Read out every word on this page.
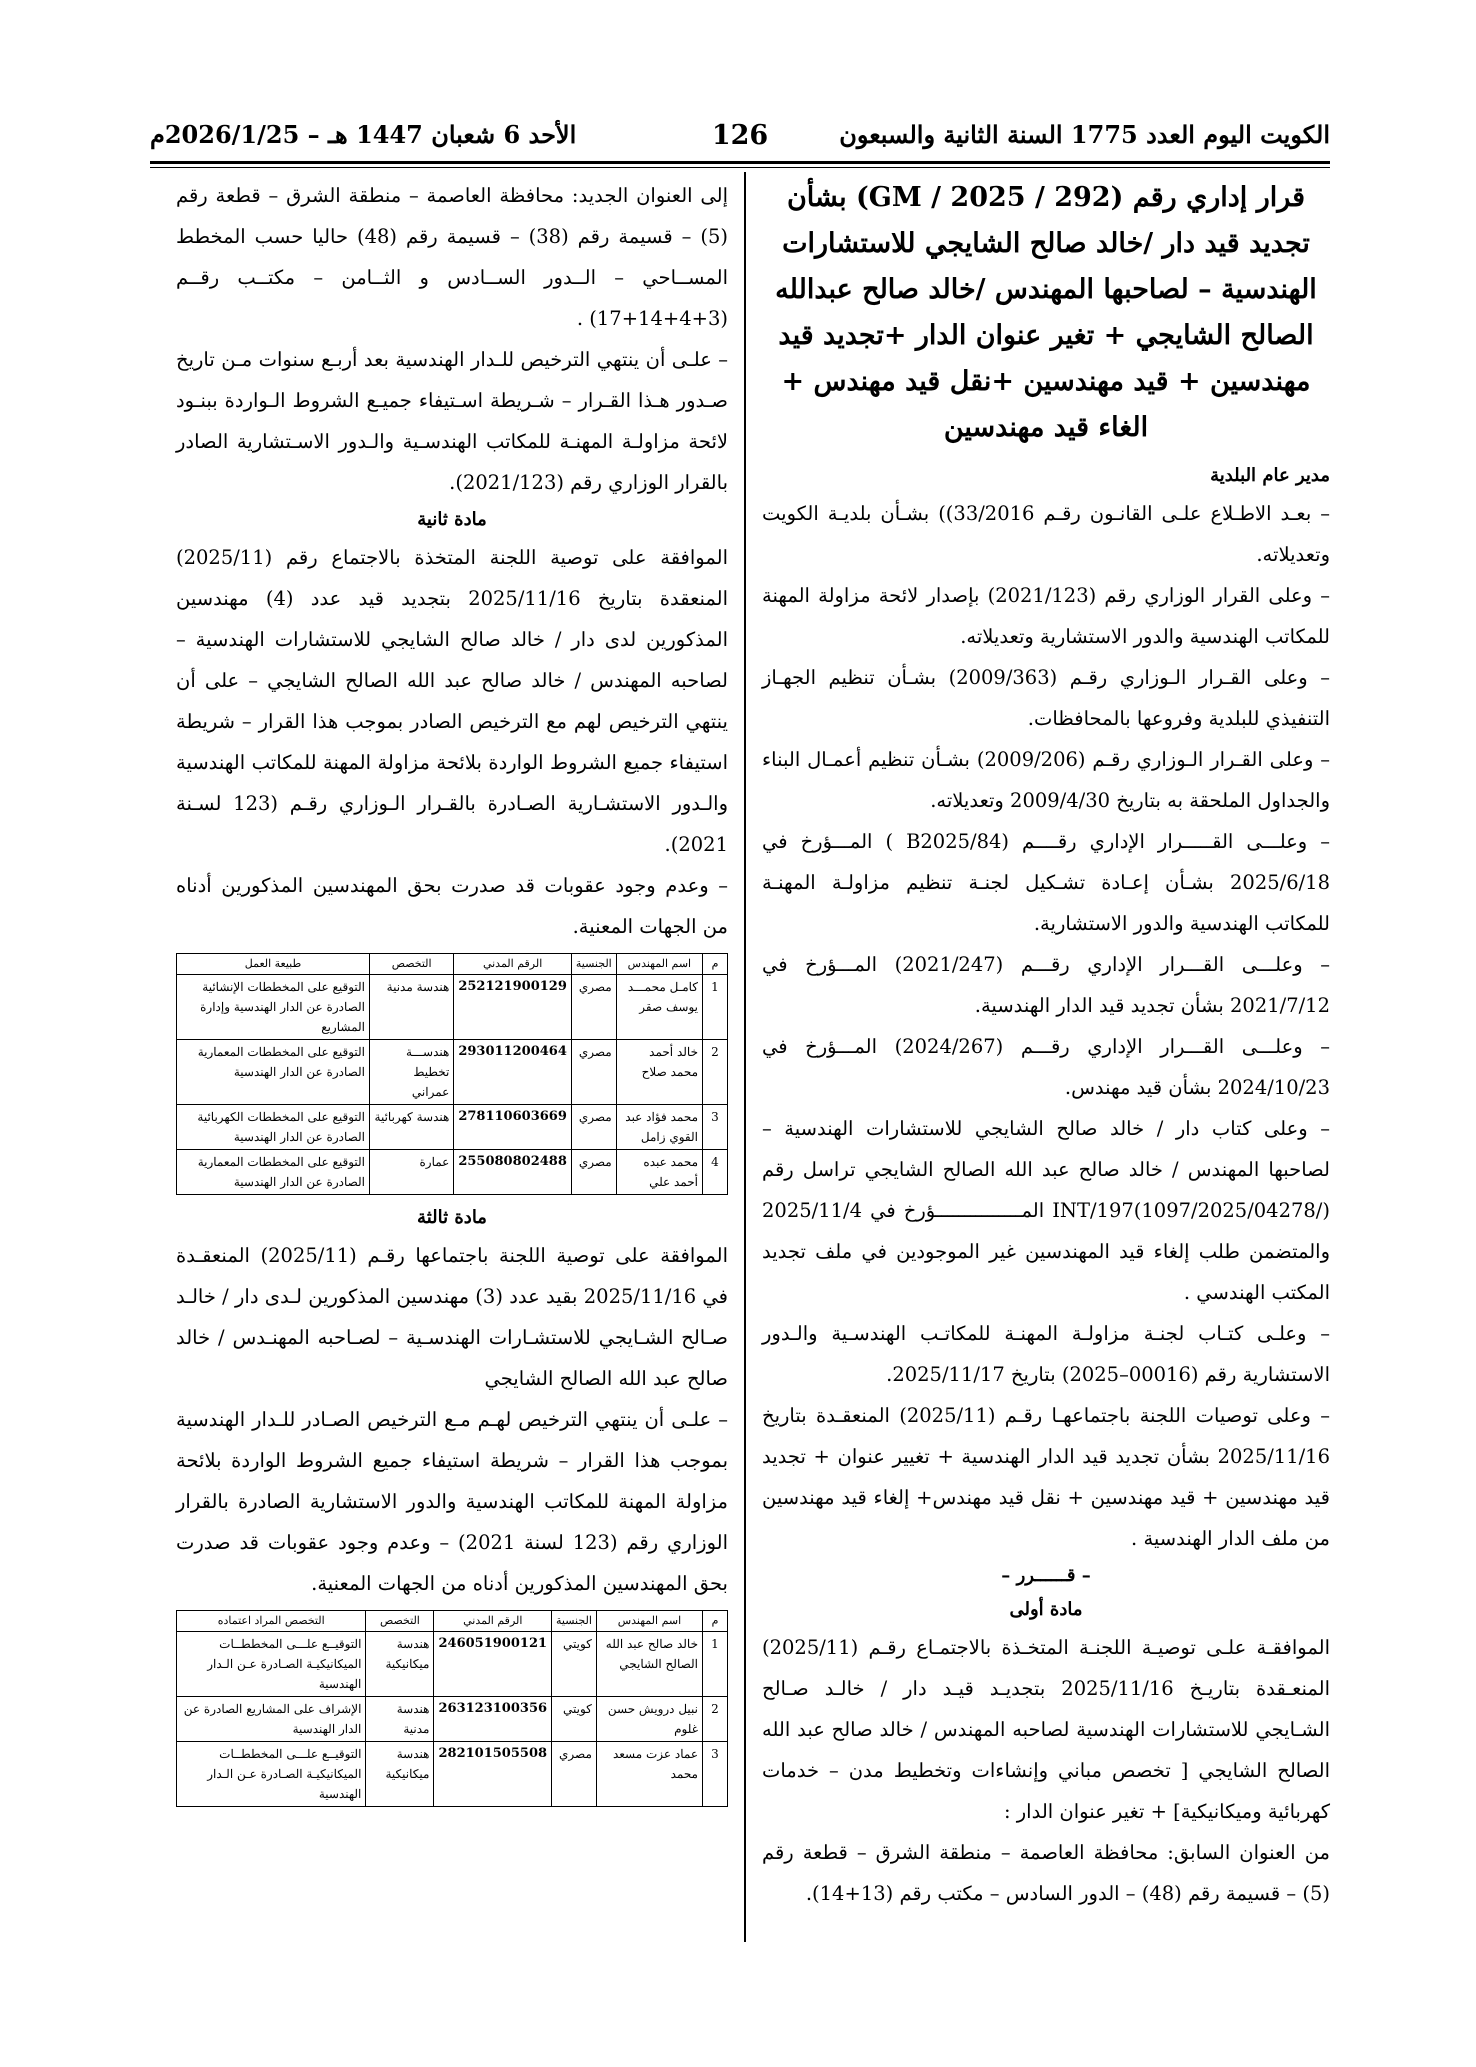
الكويت اليوم العدد 1775 السنة الثانية والسبعون
126
الأحد 6 شعبان 1447 هـ – 2026/1/25م
قرار إداري رقم (292 / 2025 / GM) بشأن تجديد قيد دار /خالد صالح الشايجي للاستشارات الهندسية – لصاحبها المهندس /خالد صالح عبدالله الصالح الشايجي + تغير عنوان الدار +تجديد قيد مهندسين + قيد مهندسين +نقل قيد مهندس + الغاء قيد مهندسين
مدير عام البلدية

– بعـد الاطـلاع علـى القانـون رقـم 33/2016)) بشـأن بلديـة الكويت وتعديلاته.

– وعلى القرار الوزاري رقم (2021/123) بإصدار لائحة مزاولة المهنة للمكاتب الهندسية والدور الاستشارية وتعديلاته.

– وعلى القـرار الـوزاري رقـم (2009/363) بشـأن تنظيم الجهـاز التنفيذي للبلدية وفروعها بالمحافظات.

– وعلى القـرار الـوزاري رقـم (2009/206) بشـأن تنظيم أعمـال البناء والجداول الملحقة به بتاريخ 2009/4/30 وتعديلاته.

– وعلـــى القـــــرار الإداري رقــــم (B2025/84 ) المـــؤرخ في 2025/6/18 بشـأن إعـادة تشـكيل لجنـة تنظيم مزاولـة المهنـة للمكاتب الهندسية والدور الاستشارية.

– وعلـــى القـــرار الإداري رقـــم (2021/247) المـــؤرخ في 2021/7/12 بشأن تجديد قيد الدار الهندسية.

– وعلـــى القـــرار الإداري رقـــم (2024/267) المـــؤرخ في 2024/10/23 بشأن قيد مهندس.

– وعلى كتاب دار / خالد صالح الشايجي للاستشارات الهندسية – لصاحبها المهندس / خالد صالح عبد الله الصالح الشايجي تراسل رقم INT/197(1097/2025/04278/) المـــــــــــــــؤرخ في 2025/11/4 والمتضمن طلب إلغاء قيد المهندسين غير الموجودين في ملف تجديد المكتب الهندسي .

– وعلـى كتـاب لجنـة مزاولـة المهنـة للمكاتـب الهندسـية والـدور الاستشارية رقم (00016–2025) بتاريخ 2025/11/17.

– وعلى توصيات اللجنة باجتماعهـا رقـم (2025/11) المنعقـدة بتاريخ 2025/11/16 بشأن تجديد قيد الدار الهندسية + تغيير عنوان + تجديد قيد مهندسين + قيد مهندسين + نقل قيد مهندس+ إلغاء قيد مهندسين من ملف الدار الهندسية .

– قــــــرر –
مادة أولى

الموافقـة علـى توصيـة اللجنـة المتخـذة بالاجتمـاع رقـم (2025/11) المنعـقدة بتاريـخ 2025/11/16 بتجديـد قيـد دار / خالـد صـالح الشـايجي للاستشارات الهندسية لصاحبه المهندس / خالد صالح عبد الله الصالح الشايجي [ تخصص مباني وإنشاءات وتخطيط مدن – خدمات كهربائية وميكانيكية] + تغير عنوان الدار :

من العنوان السابق: محافظة العاصمة – منطقة الشرق – قطعة رقم (5) – قسيمة رقم (48) – الدور السادس – مكتب رقم (13+14).

إلى العنوان الجديد: محافظة العاصمة – منطقة الشرق – قطعة رقم (5) – قسيمة رقم (38) – قسيمة رقم (48) حاليا حسب المخطط المســاحي – الــدور الســادس و الثــامن – مكتــب رقــم (3+4+14+17) .

– علـى أن ينتهي الترخيص للـدار الهندسية بعد أربـع سنوات مـن تاريخ صـدور هـذا القـرار – شـريطة اسـتيفاء جميـع الشروط الـواردة ببنـود لائحة مزاولـة المهنـة للمكاتب الهندسـية والـدور الاسـتشارية الصادر بالقرار الوزاري رقم (2021/123).

مادة ثانية

الموافقة على توصية اللجنة المتخذة بالاجتماع رقم (2025/11) المنعقدة بتاريخ 2025/11/16 بتجديد قيد عدد (4) مهندسين المذكورين لدى دار / خالد صالح الشايجي للاستشارات الهندسية – لصاحبه المهندس / خالد صالح عبد الله الصالح الشايجي – على أن ينتهي الترخيص لهم مع الترخيص الصادر بموجب هذا القرار – شريطة استيفاء جميع الشروط الواردة بلائحة مزاولة المهنة للمكاتب الهندسية والـدور الاستشـارية الصـادرة بالقـرار الـوزاري رقـم (123 لسـنة 2021).

– وعدم وجود عقوبات قد صدرت بحق المهندسين المذكورين أدناه من الجهات المعنية.

م	اسم المهندس	الجنسية	الرقم المدني	التخصص	طبيعة العمل
1	كامـل محمـــد يوسف صقر	مصري	252121900129	هندسة مدنية	التوقيع على المخططات الإنشائية الصادرة عن الدار الهندسية وإدارة المشاريع
2	خالد أحمد محمد صلاح	مصري	293011200464	هندســـة تخطيط عمراني	التوقيع على المخططات المعمارية الصادرة عن الدار الهندسية
3	محمد فؤاد عبد القوي زامل	مصري	278110603669	هندسة كهربائية	التوقيع على المخططات الكهربائية الصادرة عن الدار الهندسية
4	محمد عبده أحمد علي	مصري	255080802488	عمارة	التوقيع على المخططات المعمارية الصادرة عن الدار الهندسية
مادة ثالثة

الموافقة على توصية اللجنة باجتماعها رقـم (2025/11) المنعقـدة في 2025/11/16 بقيد عدد (3) مهندسين المذكورين لـدى دار / خالـد صـالح الشـايجي للاستشـارات الهندسـية – لصـاحبه المهنـدس / خالد صالح عبد الله الصالح الشايجي

– علـى أن ينتهي الترخيص لهـم مـع الترخيص الصـادر للـدار الهندسية بموجب هذا القرار – شريطة استيفاء جميع الشروط الواردة بلائحة مزاولة المهنة للمكاتب الهندسية والدور الاستشارية الصادرة بالقرار الوزاري رقم (123 لسنة 2021) – وعدم وجود عقوبات قد صدرت بحق المهندسين المذكورين أدناه من الجهات المعنية.

م	اسم المهندس	الجنسية	الرقم المدني	التخصص	التخصص المراد اعتماده
1	خالد صالح عبد الله الصالح الشايجي	كويتي	246051900121	هندسة ميكانيكية	التوقيــع علـــى المخططــات الميكانيكيـة الصـادرة عـن الـدار الهندسية
2	نبيل درويش حسن غلوم	كويتي	263123100356	هندسة مدنية	الإشراف على المشاريع الصادرة عن الدار الهندسية
3	عماد عزت مسعد محمد	مصري	282101505508	هندسة ميكانيكية	التوقيــع علـــى المخططــات الميكانيكيـة الصـادرة عـن الـدار الهندسية
